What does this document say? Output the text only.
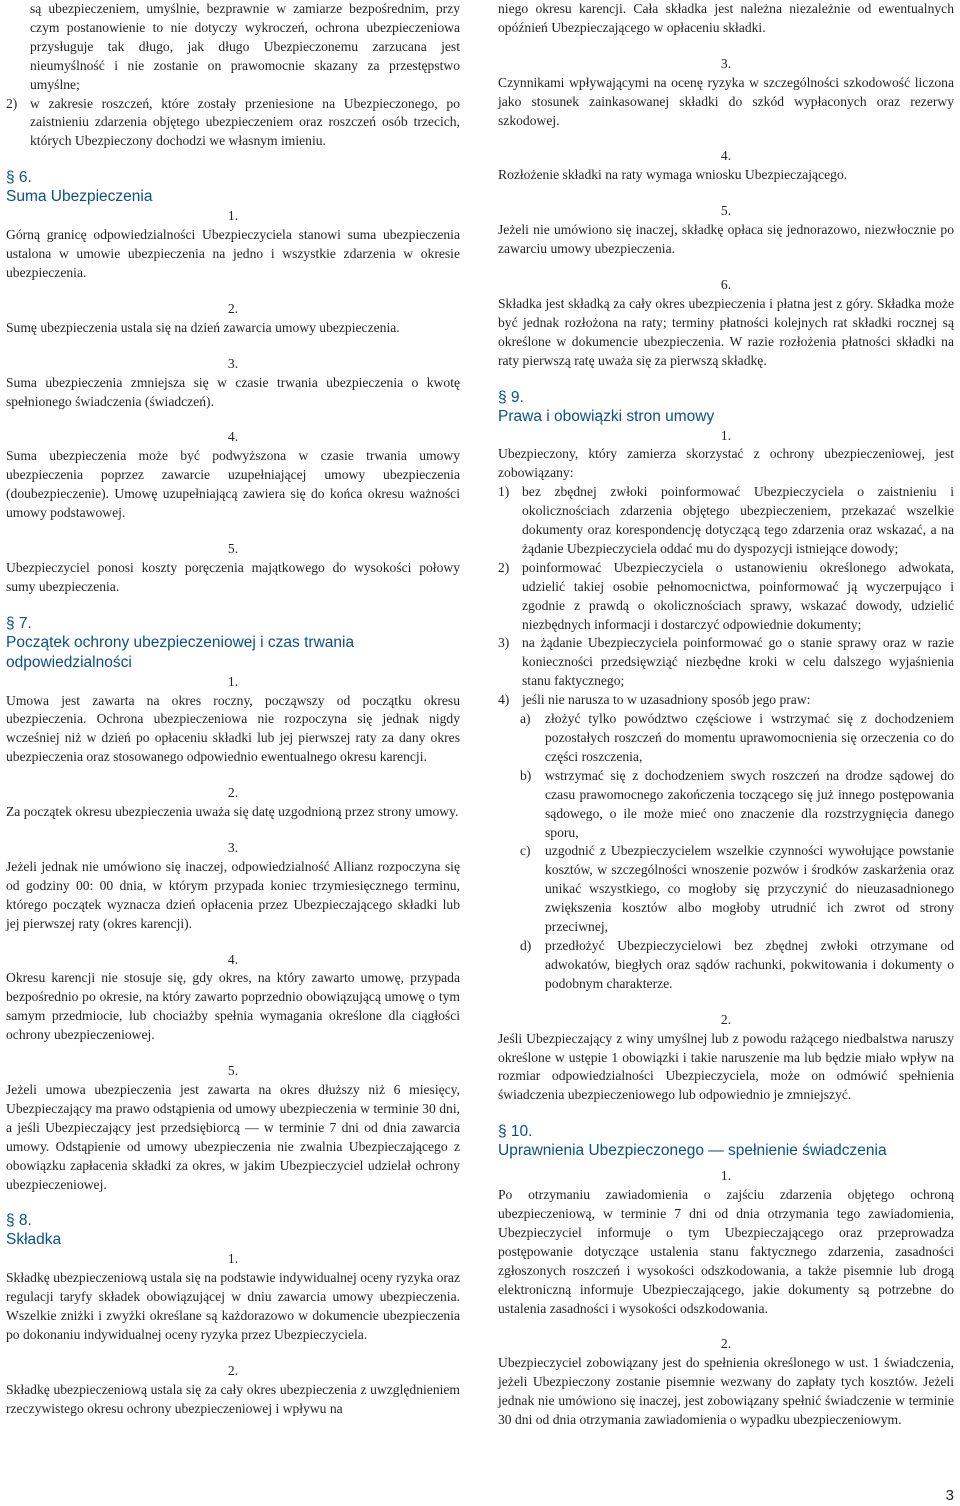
są ubezpieczeniem, umyślnie, bezprawnie w zamiarze bezpośrednim, przy czym postanowienie to nie dotyczy wykroczeń, ochrona ubezpieczeniowa przysługuje tak długo, jak długo Ubezpieczonemu zarzucana jest nieumyślność i nie zostanie on prawomocnie skazany za przestępstwo umyślne;

2) w zakresie roszczeń, które zostały przeniesione na Ubezpieczonego, po zaistnieniu zdarzenia objętego ubezpieczeniem oraz roszczeń osób trzecich, których Ubezpieczony dochodzi we własnym imieniu.

§ 6.

Suma Ubezpieczenia

1.

Górną granicę odpowiedzialności Ubezpieczyciela stanowi suma ubezpieczenia ustalona w umowie ubezpieczenia na jedno i wszystkie zdarzenia w okresie ubezpieczenia.

2.

Sumę ubezpieczenia ustala się na dzień zawarcia umowy ubezpieczenia.

3.

Suma ubezpieczenia zmniejsza się w czasie trwania ubezpieczenia o kwotę spełnionego świadczenia (świadczeń).

4.

Suma ubezpieczenia może być podwyższona w czasie trwania umowy ubezpieczenia poprzez zawarcie uzupełniającej umowy ubezpieczenia (doubezpieczenie). Umowę uzupełniającą zawiera się do końca okresu ważności umowy podstawowej.

5.

Ubezpieczyciel ponosi koszty poręczenia majątkowego do wysokości połowy sumy ubezpieczenia.

§ 7.

Początek ochrony ubezpieczeniowej i czas trwania odpowiedzialności

1.

Umowa jest zawarta na okres roczny, począwszy od początku okresu ubezpieczenia. Ochrona ubezpieczeniowa nie rozpoczyna się jednak nigdy wcześniej niż w dzień po opłaceniu składki lub jej pierwszej raty za dany okres ubezpieczenia oraz stosowanego odpowiednio ewentualnego okresu karencji.

2.

Za początek okresu ubezpieczenia uważa się datę uzgodnioną przez strony umowy.

3.

Jeżeli jednak nie umówiono się inaczej, odpowiedzialność Allianz rozpoczyna się od godziny 00: 00 dnia, w którym przypada koniec trzymiesięcznego terminu, którego początek wyznacza dzień opłacenia przez Ubezpieczającego składki lub jej pierwszej raty (okres karencji).

4.

Okresu karencji nie stosuje się, gdy okres, na który zawarto umowę, przypada bezpośrednio po okresie, na który zawarto poprzednio obowiązującą umowę o tym samym przedmiocie, lub chociażby spełnia wymagania określone dla ciągłości ochrony ubezpieczeniowej.

5.

Jeżeli umowa ubezpieczenia jest zawarta na okres dłuższy niż 6 miesięcy, Ubezpieczający ma prawo odstąpienia od umowy ubezpieczenia w terminie 30 dni, a jeśli Ubezpieczający jest przedsiębiorcą — w terminie 7 dni od dnia zawarcia umowy. Odstąpienie od umowy ubezpieczenia nie zwalnia Ubezpieczającego z obowiązku zapłacenia składki za okres, w jakim Ubezpieczyciel udzielał ochrony ubezpieczeniowej.

§ 8.

Składka

1.

Składkę ubezpieczeniową ustala się na podstawie indywidualnej oceny ryzyka oraz regulacji taryfy składek obowiązującej w dniu zawarcia umowy ubezpieczenia. Wszelkie zniżki i zwyżki określane są każdorazowo w dokumencie ubezpieczenia po dokonaniu indywidualnej oceny ryzyka przez Ubezpieczyciela.

2.

Składkę ubezpieczeniową ustala się za cały okres ubezpieczenia z uwzględnieniem rzeczywistego okresu ochrony ubezpieczeniowej i wpływu na

niego okresu karencji. Cała składka jest należna niezależnie od ewentualnych opóźnień Ubezpieczającego w opłaceniu składki.

3.

Czynnikami wpływającymi na ocenę ryzyka w szczególności szkodowość liczona jako stosunek zainkasowanej składki do szkód wypłaconych oraz rezerwy szkodowej.

4.

Rozłożenie składki na raty wymaga wniosku Ubezpieczającego.

5.

Jeżeli nie umówiono się inaczej, składkę opłaca się jednorazowo, niezwłocznie po zawarciu umowy ubezpieczenia.

6.

Składka jest składką za cały okres ubezpieczenia i płatna jest z góry. Składka może być jednak rozłożona na raty; terminy płatności kolejnych rat składki rocznej są określone w dokumencie ubezpieczenia. W razie rozłożenia płatności składki na raty pierwszą ratę uważa się za pierwszą składkę.

§ 9.

Prawa i obowiązki stron umowy

1.

Ubezpieczony, który zamierza skorzystać z ochrony ubezpieczeniowej, jest zobowiązany:

1) bez zbędnej zwłoki poinformować Ubezpieczyciela o zaistnieniu i okolicznościach zdarzenia objętego ubezpieczeniem, przekazać wszelkie dokumenty oraz korespondencję dotyczącą tego zdarzenia oraz wskazać, a na żądanie Ubezpieczyciela oddać mu do dyspozycji istniejące dowody;
2) poinformować Ubezpieczyciela o ustanowieniu określonego adwokata, udzielić takiej osobie pełnomocnictwa, poinformować ją wyczerpująco i zgodnie z prawdą o okolicznościach sprawy, wskazać dowody, udzielić niezbędnych informacji i dostarczyć odpowiednie dokumenty;
3) na żądanie Ubezpieczyciela poinformować go o stanie sprawy oraz w razie konieczności przedsięwziąć niezbędne kroki w celu dalszego wyjaśnienia stanu faktycznego;
4) jeśli nie narusza to w uzasadniony sposób jego praw:
a)	złożyć tylko powództwo częściowe i wstrzymać się z dochodzeniem pozostałych roszczeń do momentu uprawomocnienia się orzeczenia co do części roszczenia,
b)	wstrzymać się z dochodzeniem swych roszczeń na drodze sądowej do czasu prawomocnego zakończenia toczącego się już innego postępowania sądowego, o ile może mieć ono znaczenie dla rozstrzygnięcia danego sporu,
c)	uzgodnić z Ubezpieczycielem wszelkie czynności wywołujące powstanie kosztów, w szczególności wnoszenie pozwów i środków zaskarżenia oraz unikać wszystkiego, co mogłoby się przyczynić do nieuzasadnionego zwiększenia kosztów albo mogłoby utrudnić ich zwrot od strony przeciwnej,
d)	przedłożyć Ubezpieczycielowi bez zbędnej zwłoki otrzymane od adwokatów, biegłych oraz sądów rachunki, pokwitowania i dokumenty o podobnym charakterze.

2.

Jeśli Ubezpieczający z winy umyślnej lub z powodu rażącego niedbalstwa naruszy określone w ustępie 1 obowiązki i takie naruszenie ma lub będzie miało wpływ na rozmiar odpowiedzialności Ubezpieczyciela, może on odmówić spełnienia świadczenia ubezpieczeniowego lub odpowiednio je zmniejszyć.

§ 10.

Uprawnienia Ubezpieczonego — spełnienie świadczenia

1.

Po otrzymaniu zawiadomienia o zajściu zdarzenia objętego ochroną ubezpieczeniową, w terminie 7 dni od dnia otrzymania tego zawiadomienia, Ubezpieczyciel informuje o tym Ubezpieczającego oraz przeprowadza postępowanie dotyczące ustalenia stanu faktycznego zdarzenia, zasadności zgłoszonych roszczeń i wysokości odszkodowania, a także pisemnie lub drogą elektroniczną informuje Ubezpieczającego, jakie dokumenty są potrzebne do ustalenia zasadności i wysokości odszkodowania.

2.

Ubezpieczyciel zobowiązany jest do spełnienia określonego w ust. 1 świadczenia, jeżeli Ubezpieczony zostanie pisemnie wezwany do zapłaty tych kosztów. Jeżeli jednak nie umówiono się inaczej, jest zobowiązany spełnić świadczenie w terminie 30 dni od dnia otrzymania zawiadomienia o wypadku ubezpieczeniowym.

3
